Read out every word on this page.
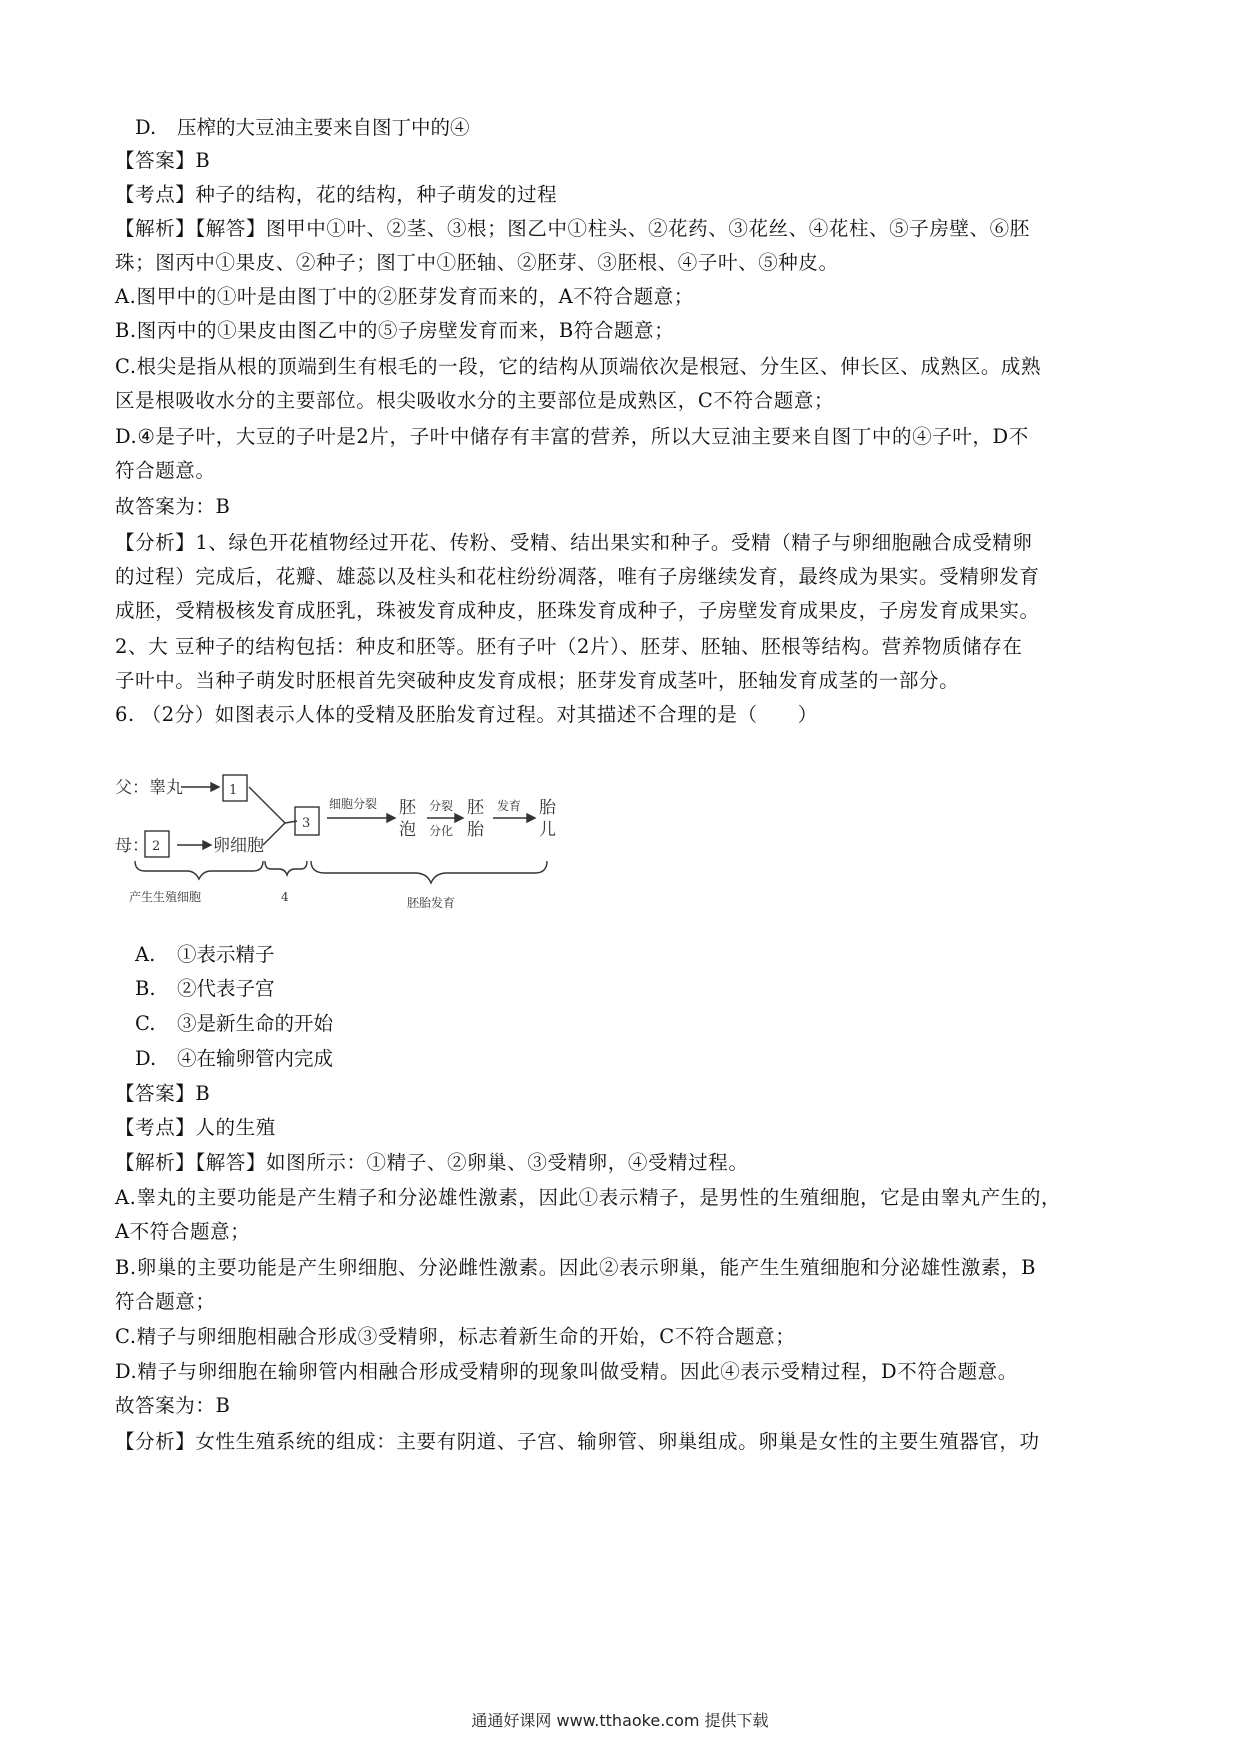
D. 压榨的大豆油主要来自图丁中的④
【答案】B
【考点】种子的结构，花的结构，种子萌发的过程
【解析】【解答】图甲中①叶、②茎、③根；图乙中①柱头、②花药、③花丝、④花柱、⑤子房壁、⑥胚
珠；图丙中①果皮、②种子；图丁中①胚轴、②胚芽、③胚根、④子叶、⑤种皮。
A.图甲中的①叶是由图丁中的②胚芽发育而来的，A不符合题意；
B.图丙中的①果皮由图乙中的⑤子房壁发育而来，B符合题意；
C.根尖是指从根的顶端到生有根毛的一段，它的结构从顶端依次是根冠、分生区、伸长区、成熟区。成熟
区是根吸收水分的主要部位。根尖吸收水分的主要部位是成熟区，C不符合题意；
D.④是子叶，大豆的子叶是2片，子叶中储存有丰富的营养，所以大豆油主要来自图丁中的④子叶，D不
符合题意。
故答案为：B
【分析】1、绿色开花植物经过开花、传粉、受精、结出果实和种子。受精（精子与卵细胞融合成受精卵
的过程）完成后，花瓣、雄蕊以及柱头和花柱纷纷凋落，唯有子房继续发育，最终成为果实。受精卵发育
成胚，受精极核发育成胚乳，珠被发育成种皮，胚珠发育成种子，子房壁发育成果皮，子房发育成果实。
2、大 豆种子的结构包括：种皮和胚等。胚有子叶（2片）、胚芽、胚轴、胚根等结构。营养物质储存在
子叶中。当种子萌发时胚根首先突破种皮发育成根；胚芽发育成茎叶，胚轴发育成茎的一部分。
6. （2分）如图表示人体的受精及胚胎发育过程。对其描述不合理的是（　　）
父：睾丸	1
母： 2	卵细胞
3
细胞分裂 胚
泡
分裂
分化
胚
胎
发育 胎
儿
产生生殖细胞	4	胚胎发育
A. ①表示精子
B. ②代表子宫
C. ③是新生命的开始
D. ④在输卵管内完成
【答案】B
【考点】人的生殖
【解析】【解答】如图所示：①精子、②卵巢、③受精卵，④受精过程。
A.睾丸的主要功能是产生精子和分泌雄性激素，因此①表示精子，是男性的生殖细胞，它是由睾丸产生的，
A不符合题意；
B.卵巢的主要功能是产生卵细胞、分泌雌性激素。因此②表示卵巢，能产生生殖细胞和分泌雄性激素，B
符合题意；
C.精子与卵细胞相融合形成③受精卵，标志着新生命的开始，C不符合题意；
D.精子与卵细胞在输卵管内相融合形成受精卵的现象叫做受精。因此④表示受精过程，D不符合题意。
故答案为：B
【分析】女性生殖系统的组成：主要有阴道、子宫、输卵管、卵巢组成。卵巢是女性的主要生殖器官，功
通通好课网 www.tthaoke.com 提供下载
